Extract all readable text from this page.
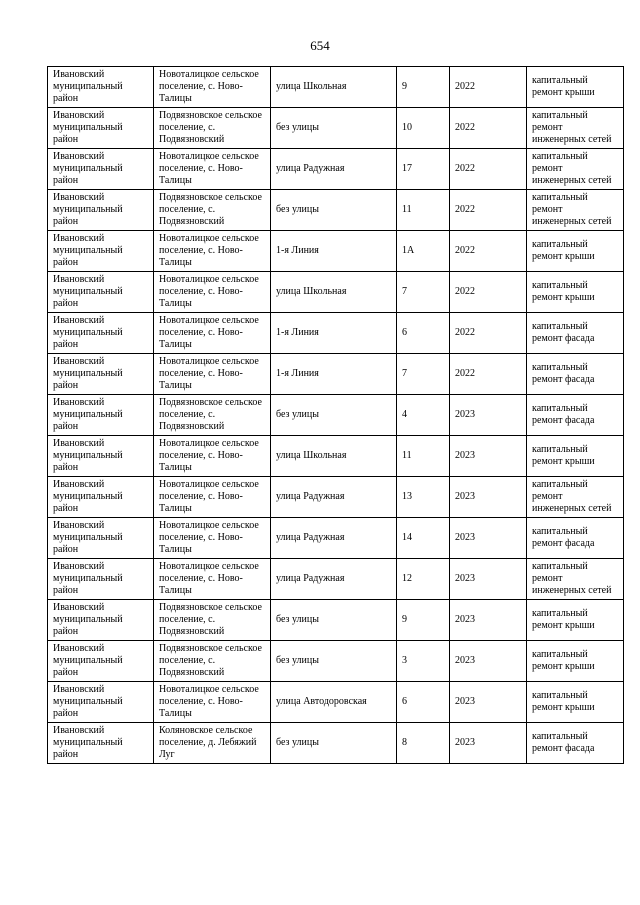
654
Ивановский муниципальный район	Новоталицкое сельское поселение, с. Ново-Талицы	улица Школьная	9	2022	капитальный ремонт крыши
Ивановский муниципальный район	Подвязновское сельское поселение, с. Подвязновский	без улицы	10	2022	капитальный ремонт инженерных сетей
Ивановский муниципальный район	Новоталицкое сельское поселение, с. Ново-Талицы	улица Радужная	17	2022	капитальный ремонт инженерных сетей
Ивановский муниципальный район	Подвязновское сельское поселение, с. Подвязновский	без улицы	11	2022	капитальный ремонт инженерных сетей
Ивановский муниципальный район	Новоталицкое сельское поселение, с. Ново-Талицы	1-я Линия	1А	2022	капитальный ремонт крыши
Ивановский муниципальный район	Новоталицкое сельское поселение, с. Ново-Талицы	улица Школьная	7	2022	капитальный ремонт крыши
Ивановский муниципальный район	Новоталицкое сельское поселение, с. Ново-Талицы	1-я Линия	6	2022	капитальный ремонт фасада
Ивановский муниципальный район	Новоталицкое сельское поселение, с. Ново-Талицы	1-я Линия	7	2022	капитальный ремонт фасада
Ивановский муниципальный район	Подвязновское сельское поселение, с. Подвязновский	без улицы	4	2023	капитальный ремонт фасада
Ивановский муниципальный район	Новоталицкое сельское поселение, с. Ново-Талицы	улица Школьная	11	2023	капитальный ремонт крыши
Ивановский муниципальный район	Новоталицкое сельское поселение, с. Ново-Талицы	улица Радужная	13	2023	капитальный ремонт инженерных сетей
Ивановский муниципальный район	Новоталицкое сельское поселение, с. Ново-Талицы	улица Радужная	14	2023	капитальный ремонт фасада
Ивановский муниципальный район	Новоталицкое сельское поселение, с. Ново-Талицы	улица Радужная	12	2023	капитальный ремонт инженерных сетей
Ивановский муниципальный район	Подвязновское сельское поселение, с. Подвязновский	без улицы	9	2023	капитальный ремонт крыши
Ивановский муниципальный район	Подвязновское сельское поселение, с. Подвязновский	без улицы	3	2023	капитальный ремонт крыши
Ивановский муниципальный район	Новоталицкое сельское поселение, с. Ново-Талицы	улица Автодоровская	6	2023	капитальный ремонт крыши
Ивановский муниципальный район	Коляновское сельское поселение, д. Лебяжий Луг	без улицы	8	2023	капитальный ремонт фасада
